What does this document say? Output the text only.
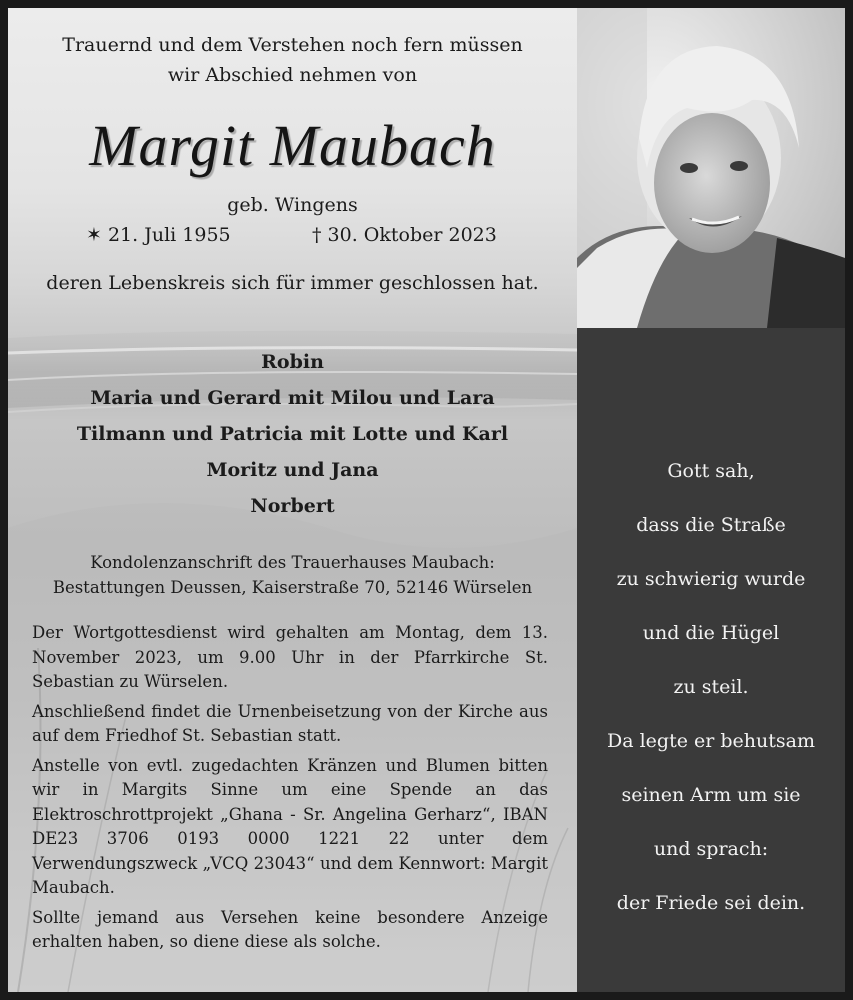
Trauernd und dem Verstehen noch fern müssen
wir Abschied nehmen von
Margit Maubach
geb. Wingens
✶ 21. Juli 1955	† 30. Oktober 2023
deren Lebenskreis sich für immer geschlossen hat.
Robin
Maria und Gerard mit Milou und Lara
Tilmann und Patricia mit Lotte und Karl
Moritz und Jana
Norbert
Kondolenzanschrift des Trauerhauses Maubach:
Bestattungen Deussen, Kaiserstraße 70, 52146 Würselen

Der Wortgottesdienst wird gehalten am Montag, dem 13. November 2023, um 9.00 Uhr in der Pfarrkirche St. Sebastian zu Würselen.

Anschließend findet die Urnenbeisetzung von der Kirche aus auf dem Friedhof St. Sebastian statt.

Anstelle von evtl. zugedachten Kränzen und Blumen bitten wir in Margits Sinne um eine Spende an das Elektroschrottprojekt „Ghana - Sr. Angelina Gerharz“, IBAN DE23 3706 0193 0000 1221 22 unter dem Verwendungszweck „VCQ 23043“ und dem Kennwort: Margit Maubach.

Sollte jemand aus Versehen keine besondere Anzeige erhalten haben, so diene diese als solche.

Gott sah,
dass die Straße
zu schwierig wurde
und die Hügel
zu steil.
Da legte er behutsam
seinen Arm um sie
und sprach:
der Friede sei dein.
